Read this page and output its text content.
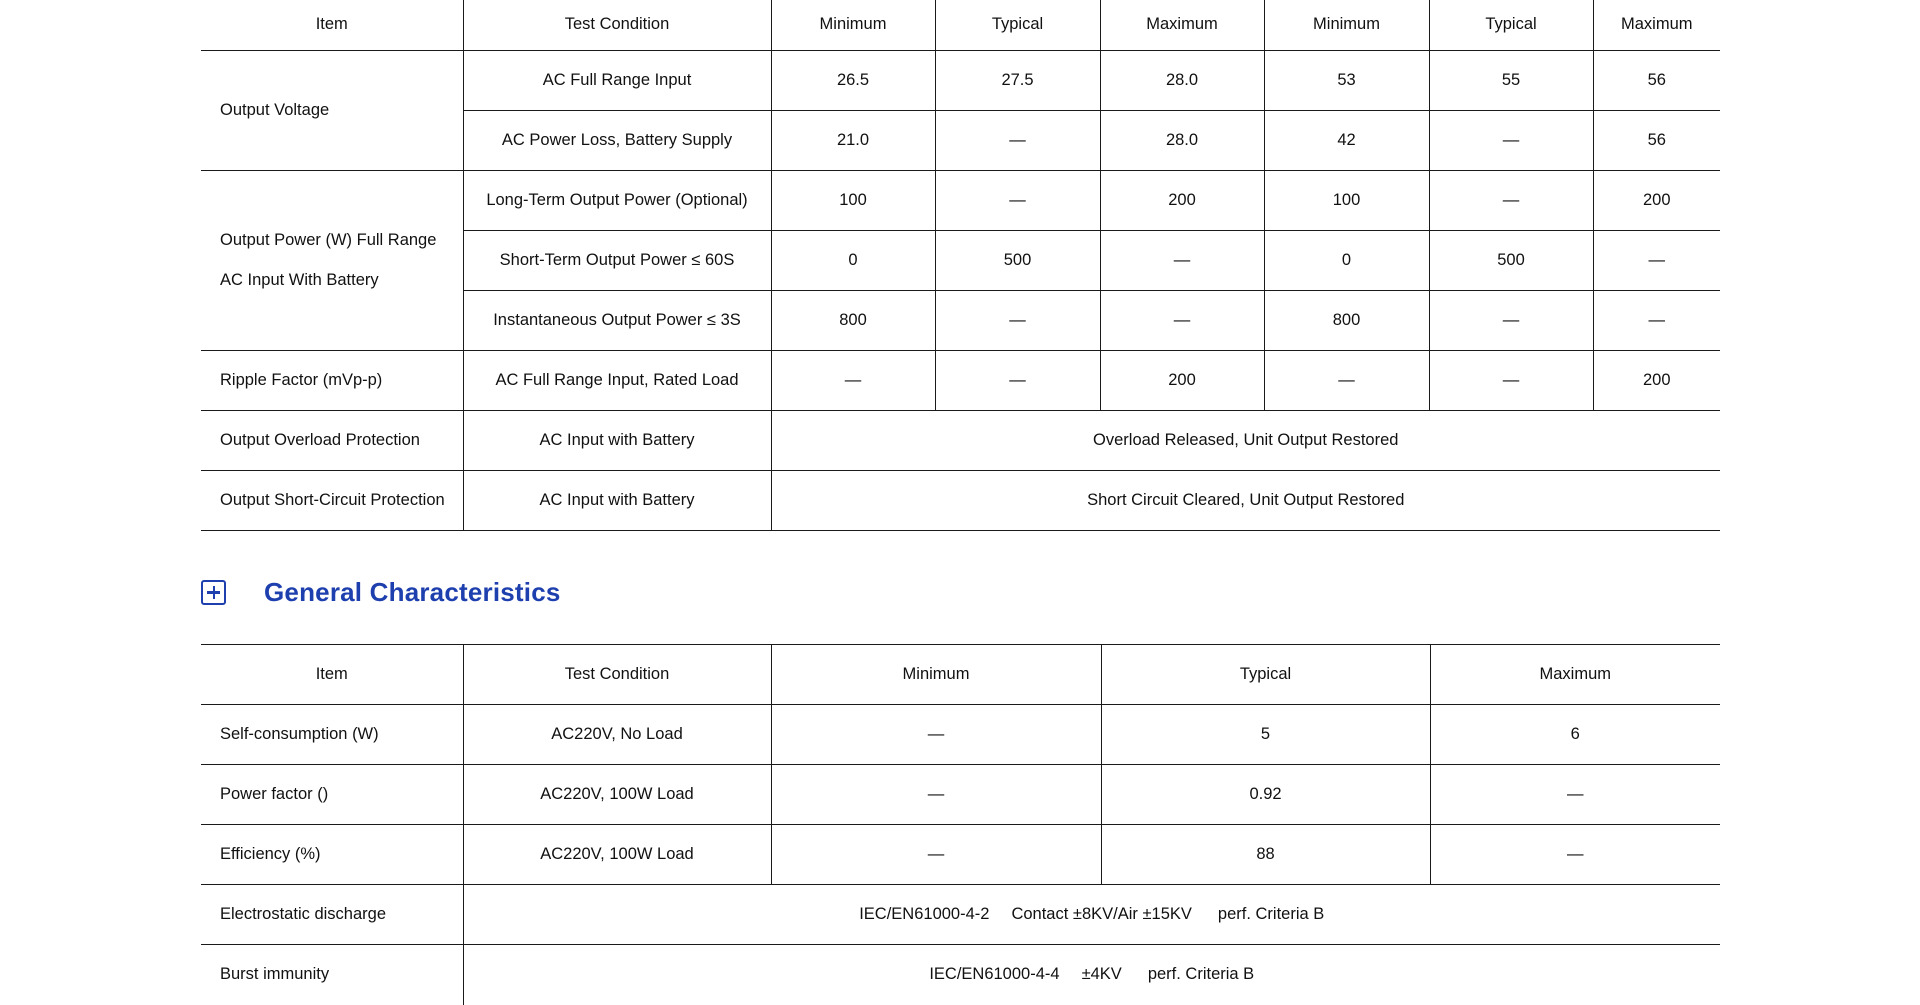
Item	Test Condition	Minimum	Typical	Maximum	Minimum	Typical	Maximum
Output Voltage	AC Full Range Input	26.5	27.5	28.0	53	55	56
	AC Power Loss, Battery Supply	21.0	—	28.0	42	—	56

Output Power (W) Full Range
AC Input With Battery	Long-Term Output Power (Optional)	100	—	200	100	—	200
	Short-Term Output Power ≤ 60S	0	500	—	0	500	—
	Instantaneous Output Power ≤ 3S	800	—	—	800	—	—
Ripple Factor (mVp-p)	AC Full Range Input, Rated Load	—	—	200	—	—	200
Output Overload Protection	AC Input with Battery	Overload Released, Unit Output Restored					
Output Short-Circuit Protection	AC Input with Battery	Short Circuit Cleared, Unit Output Restored					
General Characteristics
Item	Test Condition	Minimum	Typical	Maximum
Self-consumption (W)	AC220V, No Load	—	5	6
Power factor ()	AC220V, 100W Load	—	0.92	—
Efficiency (%)	AC220V, 100W Load	—	88	—
Electrostatic discharge	IEC/EN61000-4-2 Contact ±8KV/Air ±15KV perf. Criteria B			
Burst immunity	IEC/EN61000-4-4 ±4KV perf. Criteria B			
